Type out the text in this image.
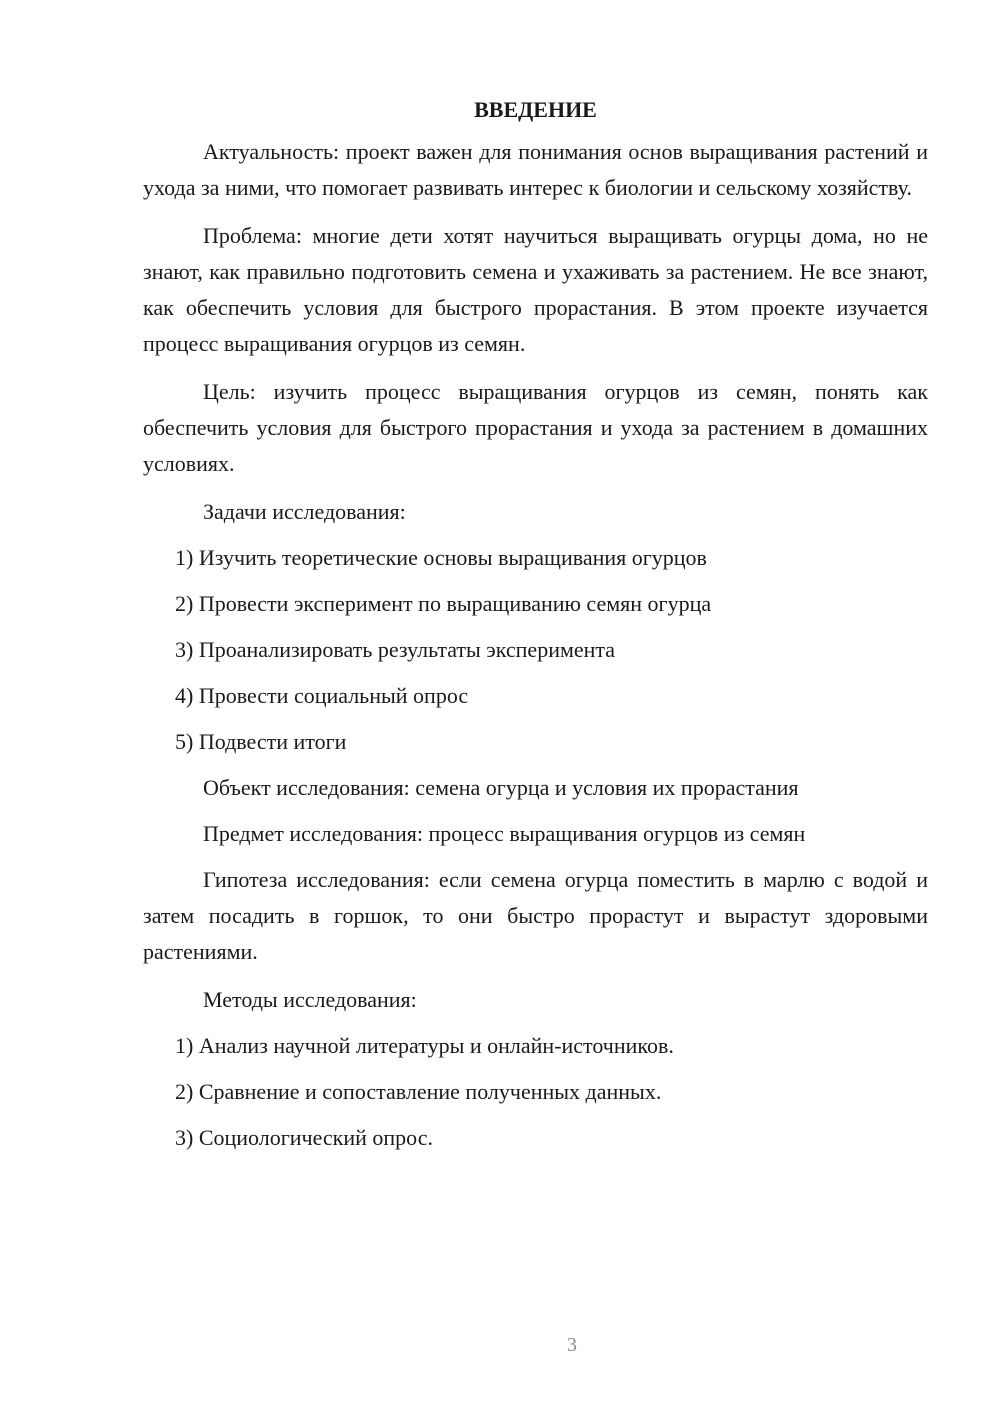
ВВЕДЕНИЕ

Актуальность: проект важен для понимания основ выращивания растений и ухода за ними, что помогает развивать интерес к биологии и сельскому хозяйству.

Проблема: многие дети хотят научиться выращивать огурцы дома, но не знают, как правильно подготовить семена и ухаживать за растением. Не все знают, как обеспечить условия для быстрого прорастания. В этом проекте изучается процесс выращивания огурцов из семян.

Цель: изучить процесс выращивания огурцов из семян, понять как обеспечить условия для быстрого прорастания и ухода за растением в домашних условиях.

Задачи исследования:

1) Изучить теоретические основы выращивания огурцов

2) Провести эксперимент по выращиванию семян огурца

3) Проанализировать результаты эксперимента

4) Провести социальный опрос

5) Подвести итоги

Объект исследования: семена огурца и условия их прорастания

Предмет исследования: процесс выращивания огурцов из семян

Гипотеза исследования: если семена огурца поместить в марлю с водой и затем посадить в горшок, то они быстро прорастут и вырастут здоровыми растениями.

Методы исследования:

1) Анализ научной литературы и онлайн-источников.

2) Сравнение и сопоставление полученных данных.

3) Социологический опрос.

3
